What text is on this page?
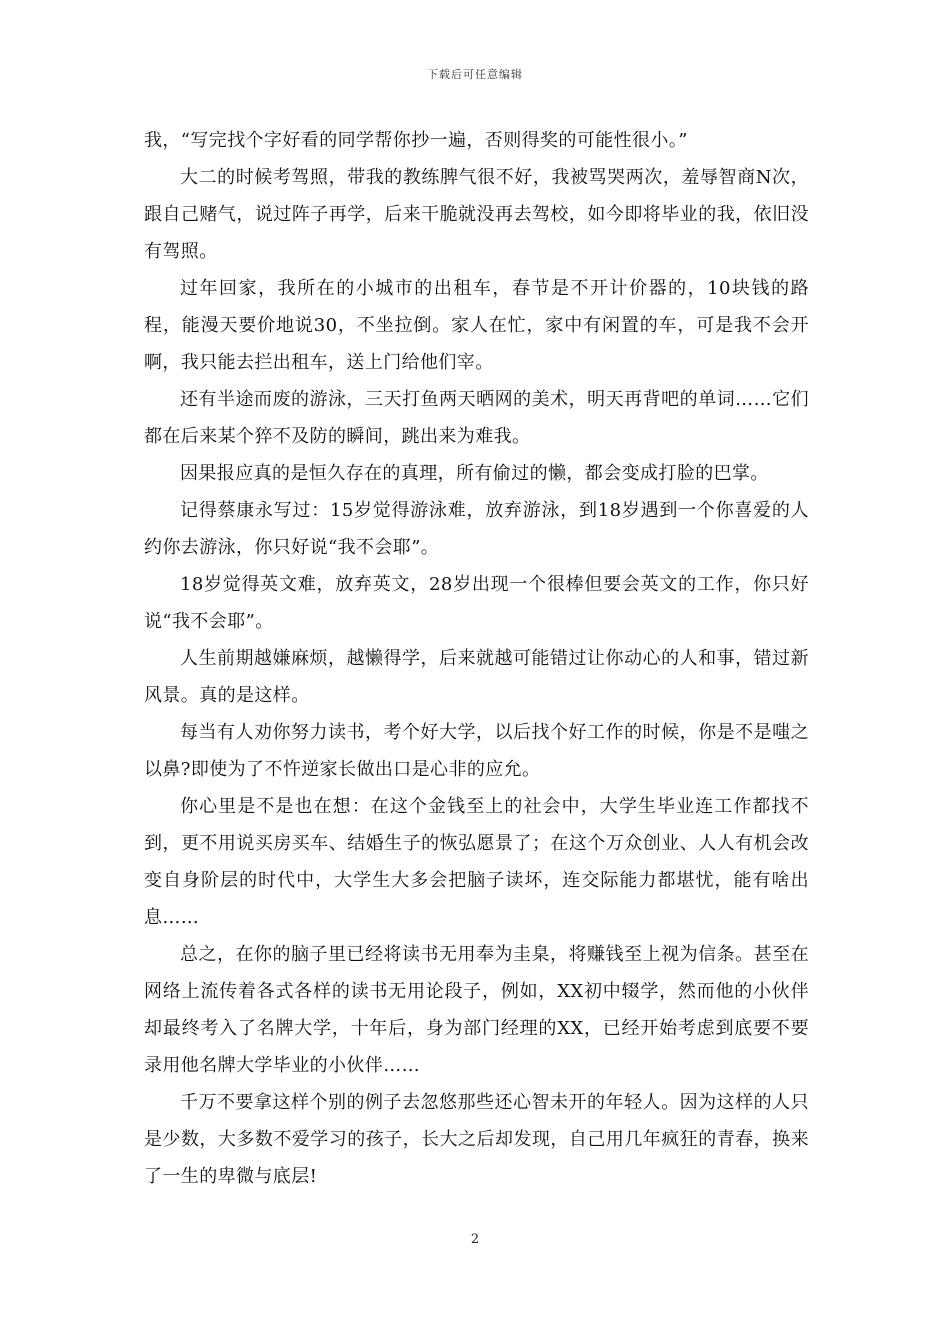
下载后可任意编辑

我，“写完找个字好看的同学帮你抄一遍，否则得奖的可能性很小。”

大二的时候考驾照，带我的教练脾气很不好，我被骂哭两次，羞辱智商N次，跟自己赌气，说过阵子再学，后来干脆就没再去驾校，如今即将毕业的我，依旧没有驾照。

过年回家，我所在的小城市的出租车，春节是不开计价器的，10块钱的路程，能漫天要价地说30，不坐拉倒。家人在忙，家中有闲置的车，可是我不会开啊，我只能去拦出租车，送上门给他们宰。

还有半途而废的游泳，三天打鱼两天晒网的美术，明天再背吧的单词……它们都在后来某个猝不及防的瞬间，跳出来为难我。

因果报应真的是恒久存在的真理，所有偷过的懒，都会变成打脸的巴掌。

记得蔡康永写过：15岁觉得游泳难，放弃游泳，到18岁遇到一个你喜爱的人约你去游泳，你只好说“我不会耶”。

18岁觉得英文难，放弃英文，28岁出现一个很棒但要会英文的工作，你只好说“我不会耶”。

人生前期越嫌麻烦，越懒得学，后来就越可能错过让你动心的人和事，错过新风景。真的是这样。

每当有人劝你努力读书，考个好大学，以后找个好工作的时候，你是不是嗤之以鼻?即使为了不忤逆家长做出口是心非的应允。

你心里是不是也在想：在这个金钱至上的社会中，大学生毕业连工作都找不到，更不用说买房买车、结婚生子的恢弘愿景了；在这个万众创业、人人有机会改变自身阶层的时代中，大学生大多会把脑子读坏，连交际能力都堪忧，能有啥出息……

总之，在你的脑子里已经将读书无用奉为圭臬，将赚钱至上视为信条。甚至在网络上流传着各式各样的读书无用论段子，例如，XX初中辍学，然而他的小伙伴却最终考入了名牌大学，十年后，身为部门经理的XX，已经开始考虑到底要不要录用他名牌大学毕业的小伙伴……

千万不要拿这样个别的例子去忽悠那些还心智未开的年轻人。因为这样的人只是少数，大多数不爱学习的孩子，长大之后却发现，自己用几年疯狂的青春，换来了一生的卑微与底层!

2
